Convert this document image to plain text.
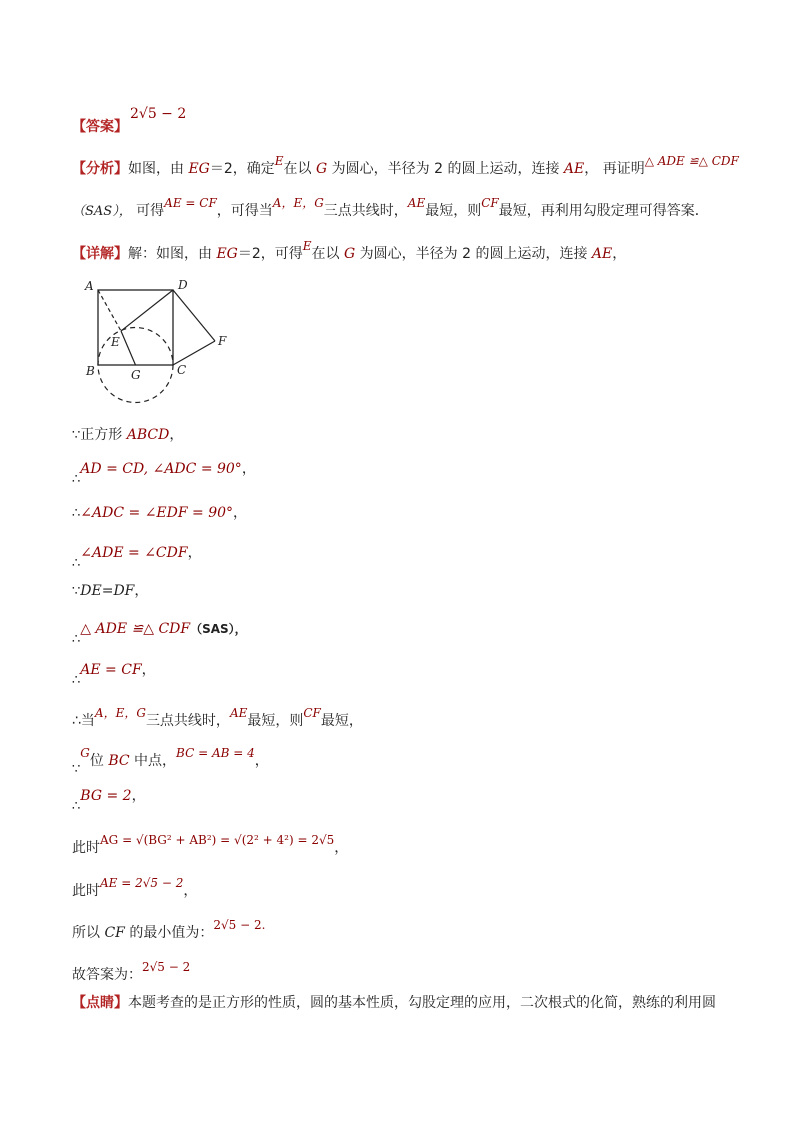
【答案】
2√5 − 2
【分析】如图，由 EG＝2，确定$^E$在以 G 为圆心，半径为 2 的圆上运动，连接 AE， 再证明$^{\triangle ADE ≌\triangle CDF}$
（SAS）， 可得$^{AE = CF}$，可得当$^{A,E,G}$三点共线时，$^{AE}$最短，则$^{CF}$最短，再利用勾股定理可得答案．
【详解】解：如图，由 EG＝2，可得$^E$在以 G 为圆心，半径为 2 的圆上运动，连接 AE，
A	D
E	F
B	G	C
∵正方形 ABCD，
$_\therefore$AD = CD, ∠ADC = 90°，
∴∠ADC = ∠EDF = 90°，
$_\therefore$∠ADE = ∠CDF，
∵DE=DF，
$_\therefore$△ ADE ≌△ CDF（SAS），
$_\therefore$AE = CF，
∴当$^{A,E,G}$三点共线时，$^{AE}$最短，则$^{CF}$最短，
$_\because^G$位 BC 中点，$^{BC = AB = 4}$，
$_\therefore$BG = 2，
此时$^{AG = √(BG^2 + AB^2) = √(2^2 + 4^2) = 2√5}$，
此时$^{AE = 2√5 - 2}$，
所以 CF 的最小值为：$^{2√5 - 2.}$
故答案为：$^{2√5 - 2}$
【点睛】本题考查的是正方形的性质，圆的基本性质，勾股定理的应用，二次根式的化简，熟练的利用圆
